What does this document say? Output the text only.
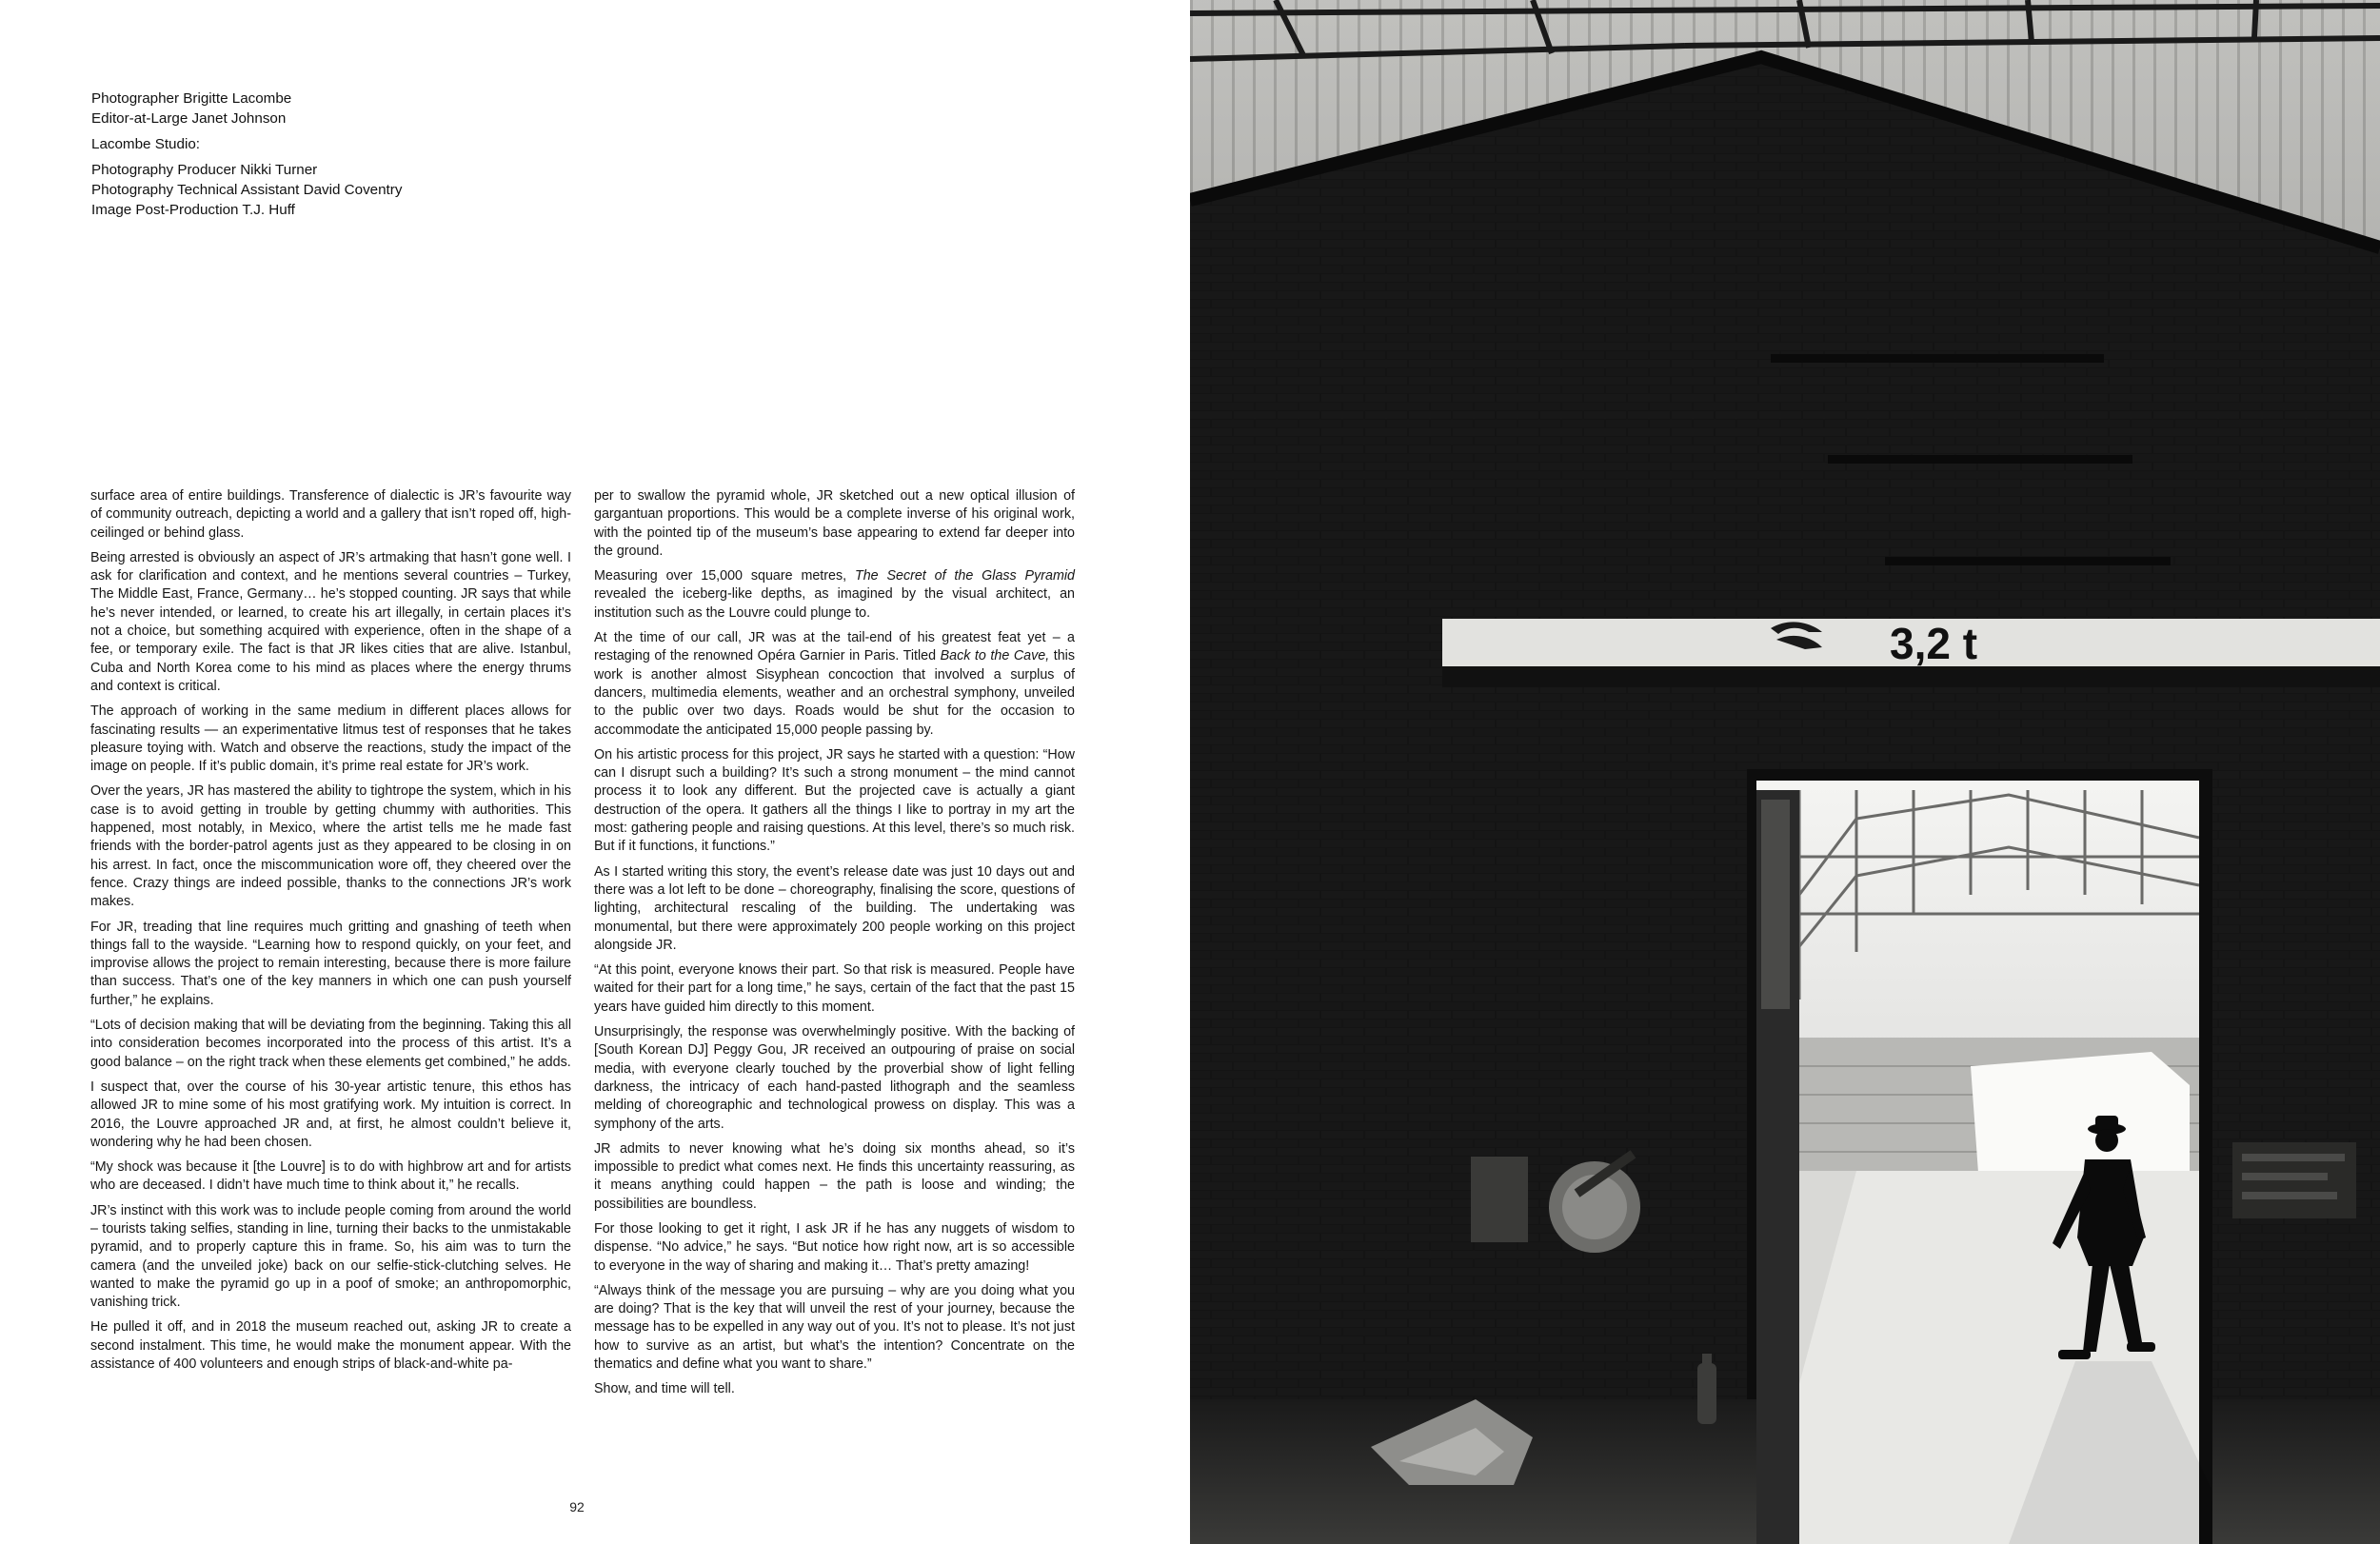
Photographer Brigitte Lacombe
Editor-at-Large Janet Johnson
Lacombe Studio:
Photography Producer Nikki Turner
Photography Technical Assistant David Coventry
Image Post-Production T.J. Huff

surface area of entire buildings. Transference of dialectic is JR’s favourite way of community outreach, depicting a world and a gallery that isn’t roped off, high-ceilinged or behind glass.

Being arrested is obviously an aspect of JR’s artmaking that hasn’t gone well. I ask for clarification and context, and he mentions several countries – Turkey, The Middle East, France, Germany… he’s stopped counting. JR says that while he’s never intended, or learned, to create his art illegally, in certain places it’s not a choice, but something acquired with experience, often in the shape of a fee, or temporary exile. The fact is that JR likes cities that are alive. Istanbul, Cuba and North Korea come to his mind as places where the energy thrums and context is critical.

The approach of working in the same medium in different places allows for fascinating results — an experimentative litmus test of responses that he takes pleasure toying with. Watch and observe the reactions, study the impact of the image on people. If it’s public domain, it’s prime real estate for JR’s work.

Over the years, JR has mastered the ability to tightrope the system, which in his case is to avoid getting in trouble by getting chummy with authorities. This happened, most notably, in Mexico, where the artist tells me he made fast friends with the border-patrol agents just as they appeared to be closing in on his arrest. In fact, once the miscommunication wore off, they cheered over the fence. Crazy things are indeed possible, thanks to the connections JR’s work makes.

For JR, treading that line requires much gritting and gnashing of teeth when things fall to the wayside. “Learning how to respond quickly, on your feet, and improvise allows the project to remain interesting, because there is more failure than success. That’s one of the key manners in which one can push yourself further,” he explains.

“Lots of decision making that will be deviating from the beginning. Taking this all into consideration becomes incorporated into the process of this artist. It’s a good balance – on the right track when these elements get combined,” he adds.

I suspect that, over the course of his 30-year artistic tenure, this ethos has allowed JR to mine some of his most gratifying work. My intuition is correct. In 2016, the Louvre approached JR and, at first, he almost couldn’t believe it, wondering why he had been chosen.

“My shock was because it [the Louvre] is to do with highbrow art and for artists who are deceased. I didn’t have much time to think about it,” he recalls.

JR’s instinct with this work was to include people coming from around the world – tourists taking selfies, standing in line, turning their backs to the unmistakable pyramid, and to properly capture this in frame. So, his aim was to turn the camera (and the unveiled joke) back on our selfie-stick-clutching selves. He wanted to make the pyramid go up in a poof of smoke; an anthropomorphic, vanishing trick.

He pulled it off, and in 2018 the museum reached out, asking JR to create a second instalment. This time, he would make the monument appear. With the assistance of 400 volunteers and enough strips of black-and-white pa-

per to swallow the pyramid whole, JR sketched out a new optical illusion of gargantuan proportions. This would be a complete inverse of his original work, with the pointed tip of the museum’s base appearing to extend far deeper into the ground.

Measuring over 15,000 square metres, The Secret of the Glass Pyramid revealed the iceberg-like depths, as imagined by the visual architect, an institution such as the Louvre could plunge to.

At the time of our call, JR was at the tail-end of his greatest feat yet – a restaging of the renowned Opéra Garnier in Paris. Titled Back to the Cave, this work is another almost Sisyphean concoction that involved a surplus of dancers, multimedia elements, weather and an orchestral symphony, unveiled to the public over two days. Roads would be shut for the occasion to accommodate the anticipated 15,000 people passing by.

On his artistic process for this project, JR says he started with a question: “How can I disrupt such a building? It’s such a strong monument – the mind cannot process it to look any different. But the projected cave is actually a giant destruction of the opera. It gathers all the things I like to portray in my art the most: gathering people and raising questions. At this level, there’s so much risk. But if it functions, it functions.”

As I started writing this story, the event’s release date was just 10 days out and there was a lot left to be done – choreography, finalising the score, questions of lighting, architectural rescaling of the building. The undertaking was monumental, but there were approximately 200 people working on this project alongside JR.

“At this point, everyone knows their part. So that risk is measured. People have waited for their part for a long time,” he says, certain of the fact that the past 15 years have guided him directly to this moment.

Unsurprisingly, the response was overwhelmingly positive. With the backing of [South Korean DJ] Peggy Gou, JR received an outpouring of praise on social media, with everyone clearly touched by the proverbial show of light felling darkness, the intricacy of each hand-pasted lithograph and the seamless melding of choreographic and technological prowess on display. This was a symphony of the arts.

JR admits to never knowing what he’s doing six months ahead, so it’s impossible to predict what comes next. He finds this uncertainty reassuring, as it means anything could happen – the path is loose and winding; the possibilities are boundless.

For those looking to get it right, I ask JR if he has any nuggets of wisdom to dispense. “No advice,” he says. “But notice how right now, art is so accessible to everyone in the way of sharing and making it… That’s pretty amazing!

“Always think of the message you are pursuing – why are you doing what you are doing? That is the key that will unveil the rest of your journey, because the message has to be expelled in any way out of you. It’s not to please. It’s not just how to survive as an artist, but what’s the intention? Concentrate on the thematics and define what you want to share.”

Show, and time will tell.

92
3,2 t
